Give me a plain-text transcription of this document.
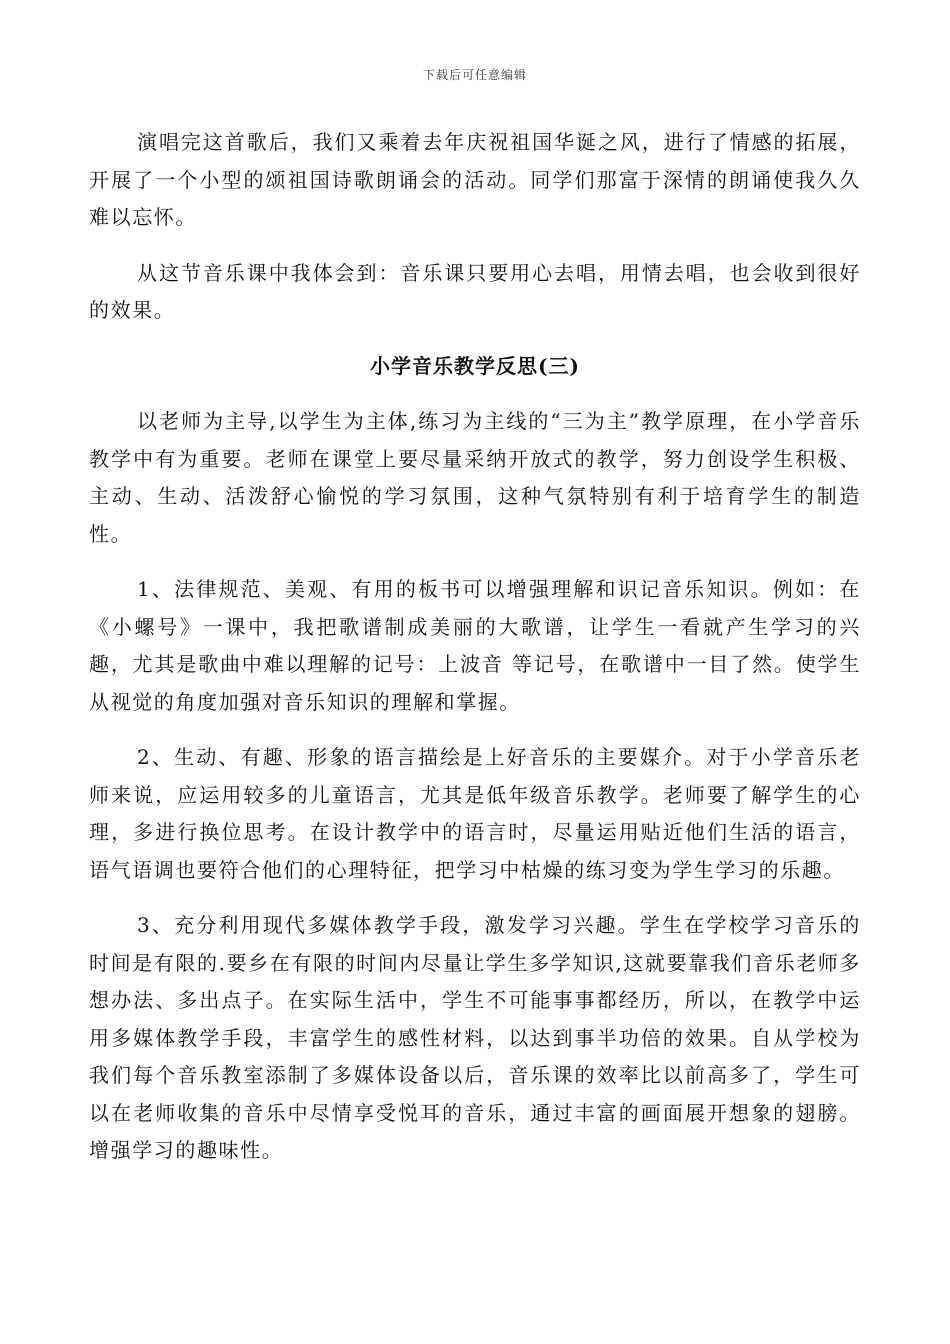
下载后可任意编辑

演唱完这首歌后，我们又乘着去年庆祝祖国华诞之风，进行了情感的拓展，开展了一个小型的颂祖国诗歌朗诵会的活动。同学们那富于深情的朗诵使我久久难以忘怀。

从这节音乐课中我体会到：音乐课只要用心去唱，用情去唱，也会收到很好的效果。

小学音乐教学反思(三)

以老师为主导,以学生为主体,练习为主线的“三为主”教学原理，在小学音乐教学中有为重要。老师在课堂上要尽量采纳开放式的教学，努力创设学生积极、主动、生动、活泼舒心愉悦的学习氛围，这种气氛特别有利于培育学生的制造性。

1、法律规范、美观、有用的板书可以增强理解和识记音乐知识。例如：在《小螺号》一课中，我把歌谱制成美丽的大歌谱，让学生一看就产生学习的兴趣，尤其是歌曲中难以理解的记号：上波音 等记号，在歌谱中一目了然。使学生从视觉的角度加强对音乐知识的理解和掌握。

2、生动、有趣、形象的语言描绘是上好音乐的主要媒介。对于小学音乐老师来说，应运用较多的儿童语言，尤其是低年级音乐教学。老师要了解学生的心理，多进行换位思考。在设计教学中的语言时，尽量运用贴近他们生活的语言，语气语调也要符合他们的心理特征，把学习中枯燥的练习变为学生学习的乐趣。

3、充分利用现代多媒体教学手段，激发学习兴趣。学生在学校学习音乐的时间是有限的.要乡在有限的时间内尽量让学生多学知识,这就要靠我们音乐老师多想办法、多出点子。在实际生活中，学生不可能事事都经历，所以，在教学中运用多媒体教学手段，丰富学生的感性材料，以达到事半功倍的效果。自从学校为我们每个音乐教室添制了多媒体设备以后，音乐课的效率比以前高多了，学生可以在老师收集的音乐中尽情享受悦耳的音乐，通过丰富的画面展开想象的翅膀。增强学习的趣味性。
